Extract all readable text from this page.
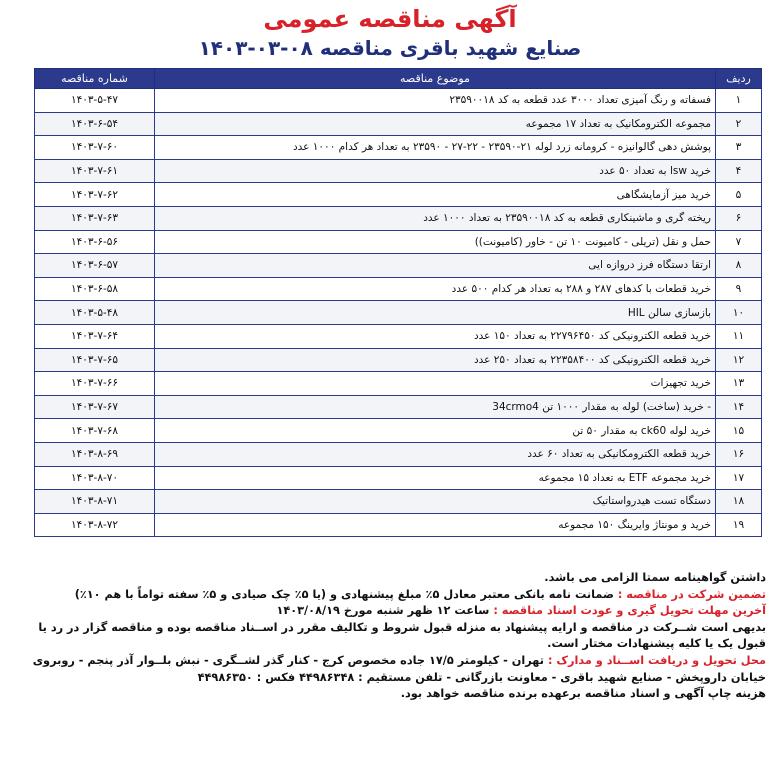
آگهی مناقصه عمومی
صنایع شهید باقری مناقصه ۰۸-۰۳-۱۴۰۳
ردیف	موضوع مناقصه	شماره مناقصه
۱	فسفاته و رنگ آمیزی تعداد ۳۰۰۰ عدد قطعه به کد ۲۳۵۹۰۰۱۸	۱۴۰۳-۵-۴۷
۲	مجموعه الکترومکانیک به تعداد ۱۷ مجموعه	۱۴۰۳-۶-۵۴
۳	پوشش دهی گالوانیزه - کرومانه زرد لوله ۲۱-۲۳۵۹۰ - ۲۲-۲۷ - ۲۳۵۹۰ به تعداد هر کدام ۱۰۰۰ عدد	۱۴۰۳-۷-۶۰
۴	خرید lsw به تعداد ۵۰ عدد	۱۴۰۳-۷-۶۱
۵	خرید میز آزمایشگاهی	۱۴۰۳-۷-۶۲
۶	ریخته گری و ماشینکاری قطعه به کد ۲۳۵۹۰۰۱۸ به تعداد ۱۰۰۰ عدد	۱۴۰۳-۷-۶۳
۷	حمل و نقل (تریلی - کامیونت ۱۰ تن - خاور (کامیونت))	۱۴۰۳-۶-۵۶
۸	ارتقا دستگاه فرز دروازه ایی	۱۴۰۳-۶-۵۷
۹	خرید قطعات با کدهای ۲۸۷ و ۲۸۸ به تعداد هر کدام ۵۰۰ عدد	۱۴۰۳-۶-۵۸
۱۰	بازسازی سالن HIL	۱۴۰۳-۵-۴۸
۱۱	خرید قطعه الکترونیکی کد ۲۲۷۹۶۴۵۰ به تعداد ۱۵۰ عدد	۱۴۰۳-۷-۶۴
۱۲	خرید قطعه الکترونیکی کد ۲۲۳۵۸۴۰۰ به تعداد ۲۵۰ عدد	۱۴۰۳-۷-۶۵
۱۳	خرید تجهیزات	۱۴۰۳-۷-۶۶
۱۴	- خرید (ساخت) لوله به مقدار ۱۰۰۰ تن 34crmo4	۱۴۰۳-۷-۶۷
۱۵	خرید لوله ck60 به مقدار ۵۰ تن	۱۴۰۳-۷-۶۸
۱۶	خرید قطعه الکترومکانیکی به تعداد ۶۰ عدد	۱۴۰۳-۸-۶۹
۱۷	خرید مجموعه ETF به تعداد ۱۵ مجموعه	۱۴۰۳-۸-۷۰
۱۸	دستگاه تست هیدرواستاتیک	۱۴۰۳-۸-۷۱
۱۹	خرید و مونتاژ وایرینگ ۱۵۰ مجموعه	۱۴۰۳-۸-۷۲

داشتن گواهینامه سمتا الزامی می باشد.

تضمین شرکت در مناقصه : ضمانت نامه بانکی معتبر معادل ۵٪ مبلغ پیشنهادی و (یا ۵٪ چک صیادی و ۵٪ سفته تواماً با هم ۱۰٪)

آخرین مهلت تحویل گیری و عودت اسناد مناقصه : ساعت ۱۲ ظهر شنبه مورخ ۱۴۰۳/۰۸/۱۹

بدیهی است شــرکت در مناقصه و ارایه پیشنهاد به منزله قبول شروط و تکالیف مقرر در اســناد مناقصه بوده و مناقصه گزار در رد یا قبول یک یا کلیه پیشنهادات مختار است.

محل تحویل و دریافت اســناد و مدارک : تهران - کیلومتر ۱۷/۵ جاده مخصوص کرج - کنار گذر لشــگری - نبش بلــوار آذر پنجم - روبروی خیابان داروپخش - صنایع شهید باقری - معاونت بازرگانی - تلفن مستقیم : ۴۴۹۸۶۳۴۸ فکس : ۴۴۹۸۶۳۵۰

هزینه چاپ آگهی و اسناد مناقصه برعهده برنده مناقصه خواهد بود.
